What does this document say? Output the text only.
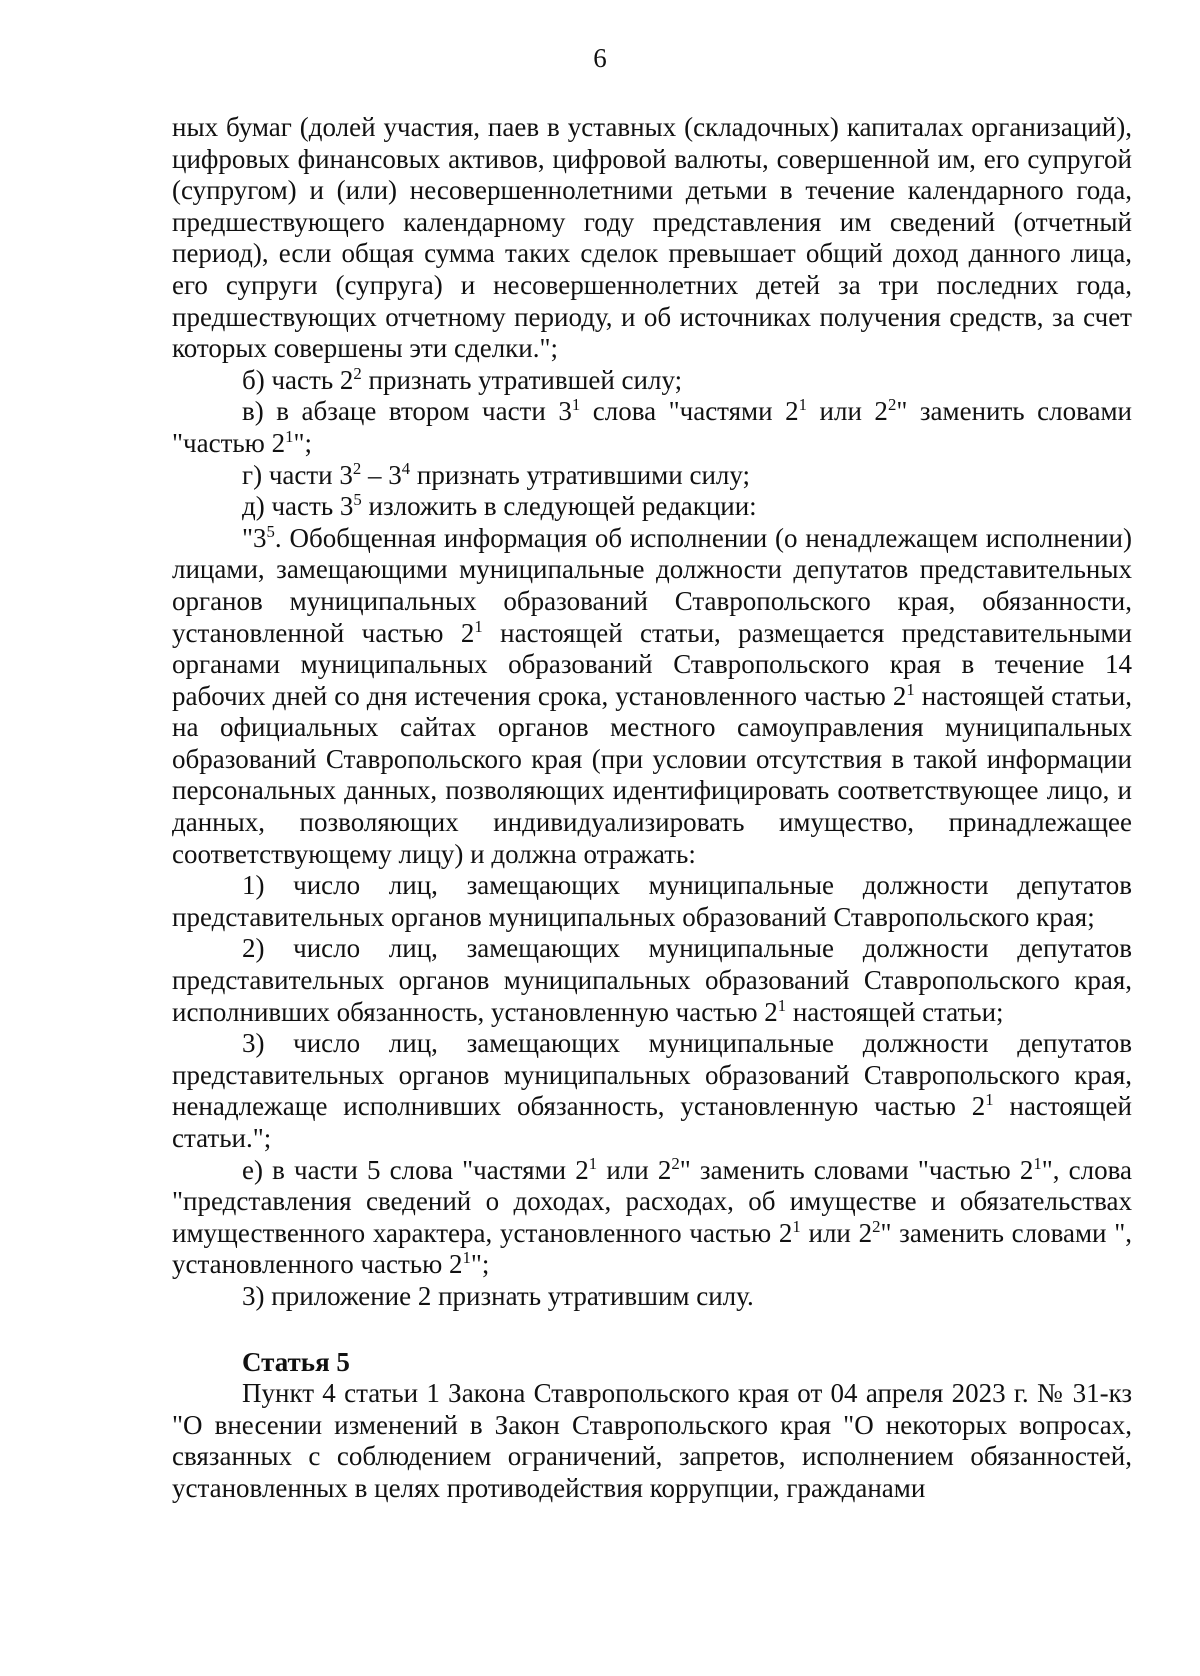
6

ных бумаг (долей участия, паев в уставных (складочных) капиталах организаций), цифровых финансовых активов, цифровой валюты, совершенной им, его супругой (супругом) и (или) несовершеннолетними детьми в течение календарного года, предшествующего календарному году представления им сведений (отчетный период), если общая сумма таких сделок превышает общий доход данного лица, его супруги (супруга) и несовершеннолетних детей за три последних года, предшествующих отчетному периоду, и об источниках получения средств, за счет которых совершены эти сделки.";

б) часть $2^2$ признать утратившей силу;

в) в абзаце втором части $3^1$ слова "частями $2^1$ или $2^2$" заменить словами "частью $2^1$";

г) части $3^2 - 3^4$ признать утратившими силу;

д) часть $3^5$ изложить в следующей редакции:

"$3^5$. Обобщенная информация об исполнении (о ненадлежащем исполнении) лицами, замещающими муниципальные должности депутатов представительных органов муниципальных образований Ставропольского края, обязанности, установленной частью $2^1$ настоящей статьи, размещается представительными органами муниципальных образований Ставропольского края в течение 14 рабочих дней со дня истечения срока, установленного частью $2^1$ настоящей статьи, на официальных сайтах органов местного самоуправления муниципальных образований Ставропольского края (при условии отсутствия в такой информации персональных данных, позволяющих идентифицировать соответствующее лицо, и данных, позволяющих индивидуализировать имущество, принадлежащее соответствующему лицу) и должна отражать:

1) число лиц, замещающих муниципальные должности депутатов представительных органов муниципальных образований Ставропольского края;

2) число лиц, замещающих муниципальные должности депутатов представительных органов муниципальных образований Ставропольского края, исполнивших обязанность, установленную частью $2^1$ настоящей статьи;

3) число лиц, замещающих муниципальные должности депутатов представительных органов муниципальных образований Ставропольского края, ненадлежаще исполнивших обязанность, установленную частью $2^1$ настоящей статьи.";

е) в части 5 слова "частями $2^1$ или $2^2$" заменить словами "частью $2^1$", слова "представления сведений о доходах, расходах, об имуществе и обязательствах имущественного характера, установленного частью $2^1$ или $2^2$" заменить словами ", установленного частью $2^1$";

3) приложение 2 признать утратившим силу.

Статья 5

Пункт 4 статьи 1 Закона Ставропольского края от 04 апреля 2023 г. № 31-кз "О внесении изменений в Закон Ставропольского края "О некоторых вопросах, связанных с соблюдением ограничений, запретов, исполнением обязанностей, установленных в целях противодействия коррупции, гражданами
